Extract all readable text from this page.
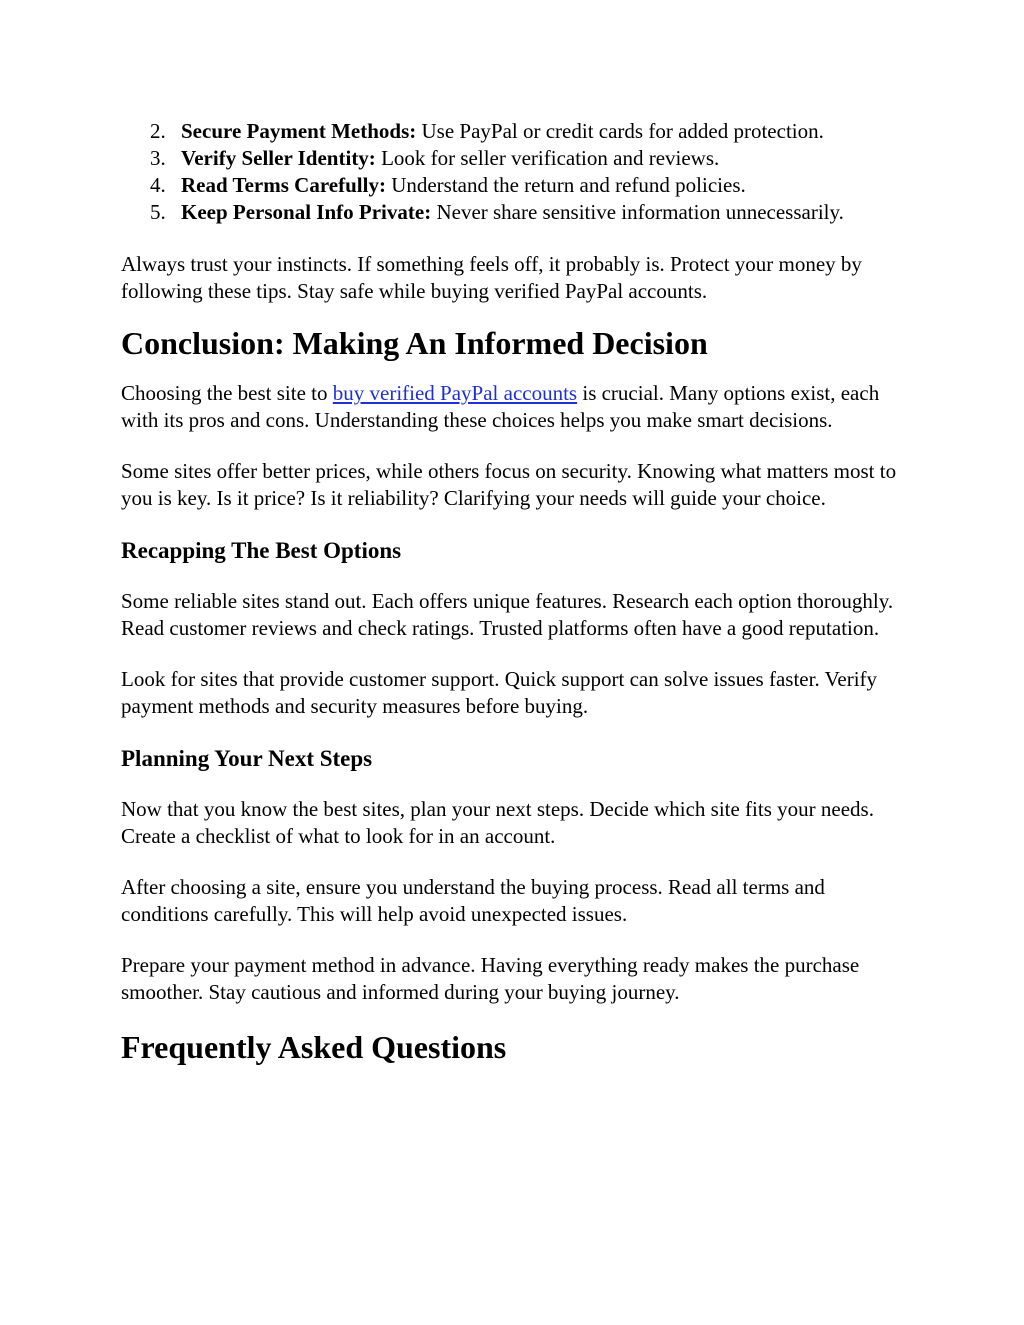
2. Secure Payment Methods: Use PayPal or credit cards for added protection.
3. Verify Seller Identity: Look for seller verification and reviews.
4. Read Terms Carefully: Understand the return and refund policies.
5. Keep Personal Info Private: Never share sensitive information unnecessarily.

Always trust your instincts. If something feels off, it probably is. Protect your money by following these tips. Stay safe while buying verified PayPal accounts.

Conclusion: Making An Informed Decision

Choosing the best site to buy verified PayPal accounts is crucial. Many options exist, each with its pros and cons. Understanding these choices helps you make smart decisions.

Some sites offer better prices, while others focus on security. Knowing what matters most to you is key. Is it price? Is it reliability? Clarifying your needs will guide your choice.

Recapping The Best Options

Some reliable sites stand out. Each offers unique features. Research each option thoroughly. Read customer reviews and check ratings. Trusted platforms often have a good reputation.

Look for sites that provide customer support. Quick support can solve issues faster. Verify payment methods and security measures before buying.

Planning Your Next Steps

Now that you know the best sites, plan your next steps. Decide which site fits your needs. Create a checklist of what to look for in an account.

After choosing a site, ensure you understand the buying process. Read all terms and conditions carefully. This will help avoid unexpected issues.

Prepare your payment method in advance. Having everything ready makes the purchase smoother. Stay cautious and informed during your buying journey.

Frequently Asked Questions
